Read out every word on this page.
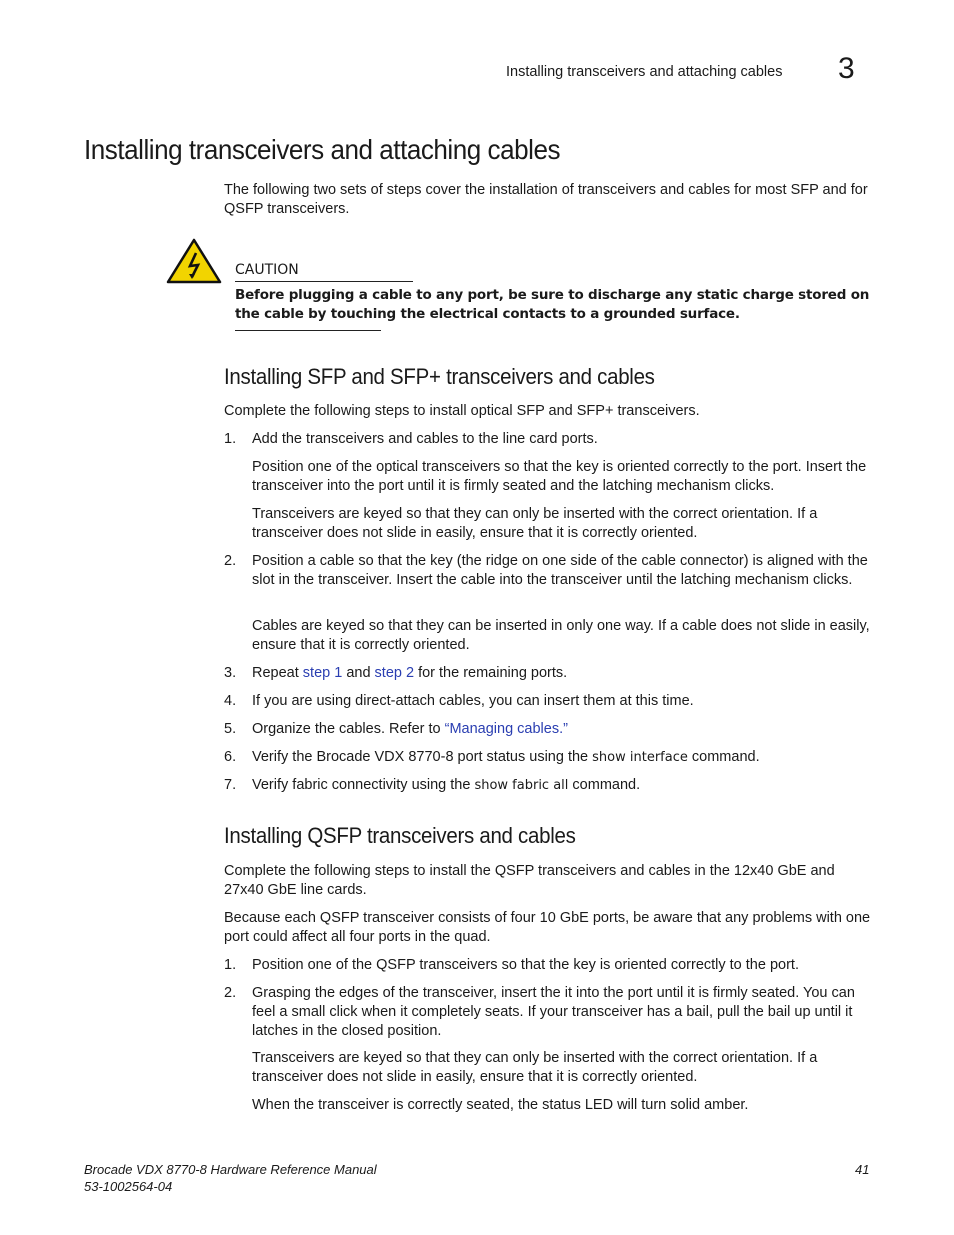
Installing transceivers and attaching cables 3
Installing transceivers and attaching cables
The following two sets of steps cover the installation of transceivers and cables for most SFP and for QSFP transceivers.
CAUTION
Before plugging a cable to any port, be sure to discharge any static charge stored on the cable by touching the electrical contacts to a grounded surface.
Installing SFP and SFP+ transceivers and cables
Complete the following steps to install optical SFP and SFP+ transceivers.
1. Add the transceivers and cables to the line card ports.
Position one of the optical transceivers so that the key is oriented correctly to the port. Insert the transceiver into the port until it is firmly seated and the latching mechanism clicks.
Transceivers are keyed so that they can only be inserted with the correct orientation. If a transceiver does not slide in easily, ensure that it is correctly oriented.
2. Position a cable so that the key (the ridge on one side of the cable connector) is aligned with the slot in the transceiver. Insert the cable into the transceiver until the latching mechanism clicks.
Cables are keyed so that they can be inserted in only one way. If a cable does not slide in easily, ensure that it is correctly oriented.
3. Repeat step 1 and step 2 for the remaining ports.
4. If you are using direct-attach cables, you can insert them at this time.
5. Organize the cables. Refer to “Managing cables.”
6. Verify the Brocade VDX 8770-8 port status using the show interface command.
7. Verify fabric connectivity using the show fabric all command.
Installing QSFP transceivers and cables
Complete the following steps to install the QSFP transceivers and cables in the 12x40 GbE and 27x40 GbE line cards.
Because each QSFP transceiver consists of four 10 GbE ports, be aware that any problems with one port could affect all four ports in the quad.
1. Position one of the QSFP transceivers so that the key is oriented correctly to the port.
2. Grasping the edges of the transceiver, insert the it into the port until it is firmly seated. You can feel a small click when it completely seats. If your transceiver has a bail, pull the bail up until it latches in the closed position.
Transceivers are keyed so that they can only be inserted with the correct orientation. If a transceiver does not slide in easily, ensure that it is correctly oriented.
When the transceiver is correctly seated, the status LED will turn solid amber.
Brocade VDX 8770-8 Hardware Reference Manual
53-1002564-04
41
